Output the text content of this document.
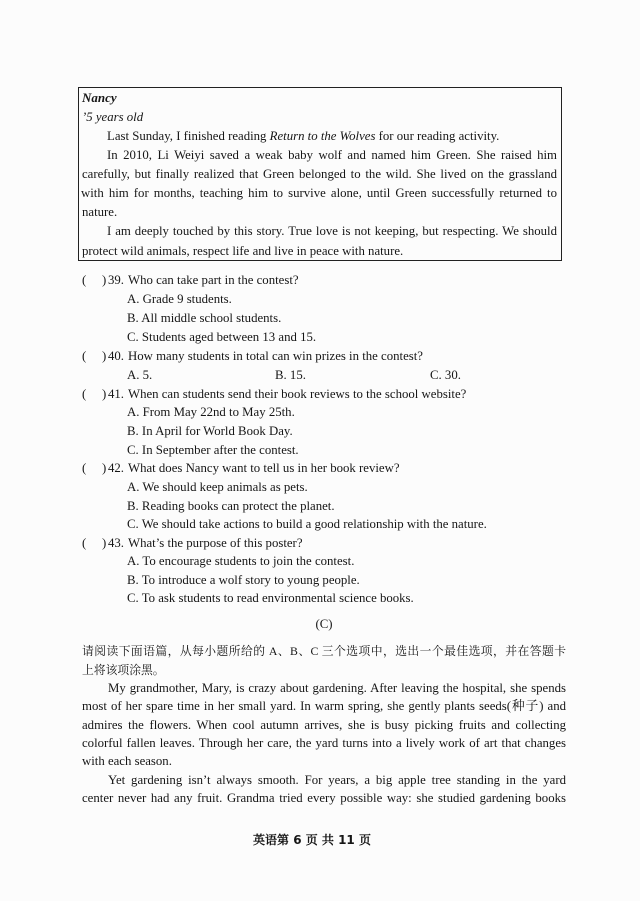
Nancy
’5 years old
Last Sunday, I finished reading Return to the Wolves for our reading activity.
In 2010, Li Weiyi saved a weak baby wolf and named him Green. She raised him
carefully, but finally realized that Green belonged to the wild. She lived on the grassland
with him for months, teaching him to survive alone, until Green successfully returned to
nature.
I am deeply touched by this story. True love is not keeping, but respecting. We should
protect wild animals, respect life and live in peace with nature.
( ) 39. Who can take part in the contest?
A. Grade 9 students.
B. All middle school students.
C. Students aged between 13 and 15.
( ) 40. How many students in total can win prizes in the contest?
A. 5.	B. 15.	C. 30.
( ) 41. When can students send their book reviews to the school website?
A. From May 22nd to May 25th.
B. In April for World Book Day.
C. In September after the contest.
( ) 42. What does Nancy want to tell us in her book review?
A. We should keep animals as pets.
B. Reading books can protect the planet.
C. We should take actions to build a good relationship with the nature.
( ) 43. What’s the purpose of this poster?
A. To encourage students to join the contest.
B. To introduce a wolf story to young people.
C. To ask students to read environmental science books.
(C)
请阅读下面语篇，从每小题所给的 A、B、C 三个选项中，选出一个最佳选项，并在答题卡
上将该项涂黑。
My grandmother, Mary, is crazy about gardening. After leaving the hospital, she spends
most of her spare time in her small yard. In warm spring, she gently plants seeds(种子) and
admires the flowers. When cool autumn arrives, she is busy picking fruits and collecting
colorful fallen leaves. Through her care, the yard turns into a lively work of art that changes
with each season.
Yet gardening isn’t always smooth. For years, a big apple tree standing in the yard
center never had any fruit. Grandma tried every possible way: she studied gardening books
英语第 6 页 共 11 页
